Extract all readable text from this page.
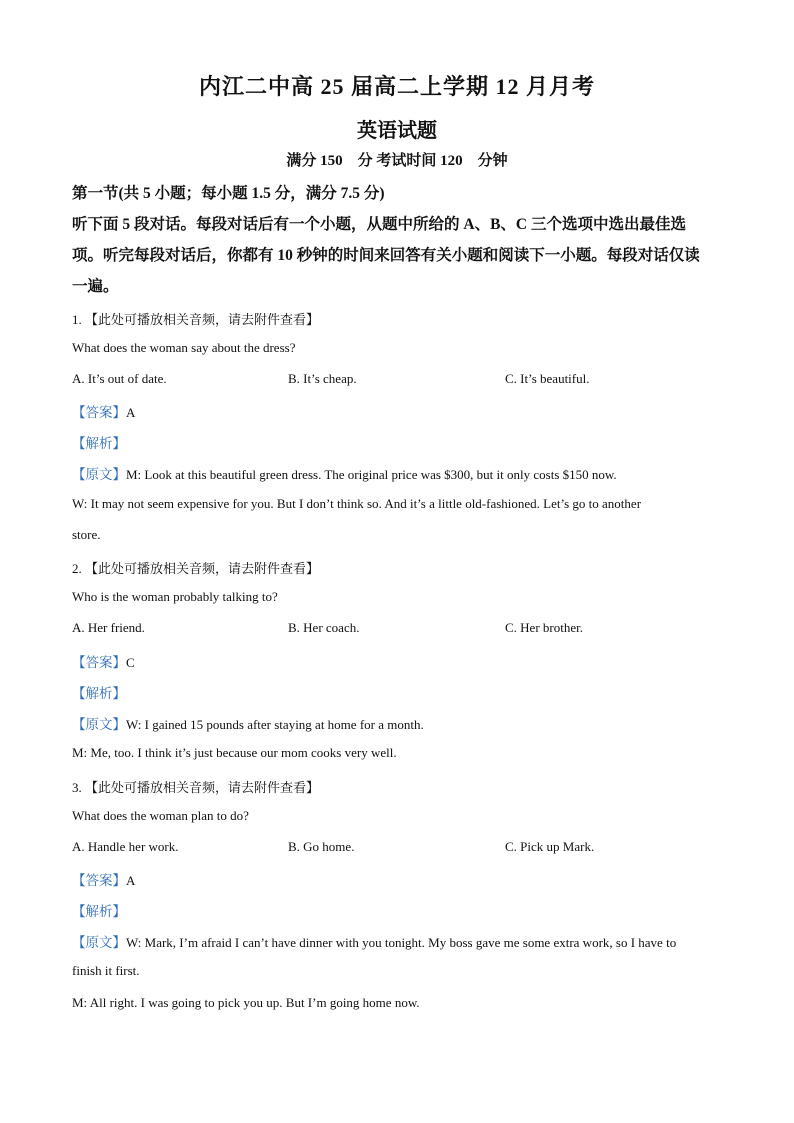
内江二中高 25 届高二上学期 12 月月考
英语试题
满分 150　分 考试时间 120　分钟
第一节(共 5 小题；每小题 1.5 分，满分 7.5 分)
听下面 5 段对话。每段对话后有一个小题，从题中所给的 A、B、C 三个选项中选出最佳选
项。听完每段对话后，你都有 10 秒钟的时间来回答有关小题和阅读下一小题。每段对话仅读
一遍。
1. 【此处可播放相关音频，请去附件查看】
What does the woman say about the dress?
A. It’s out of date.	B. It’s cheap.	C. It’s beautiful.
【答案】A
【解析】
【原文】M: Look at this beautiful green dress. The original price was $300, but it only costs $150 now.
W: It may not seem expensive for you. But I don’t think so. And it’s a little old-fashioned. Let’s go to another
store.
2. 【此处可播放相关音频，请去附件查看】
Who is the woman probably talking to?
A. Her friend.	B. Her coach.	C. Her brother.
【答案】C
【解析】
【原文】W: I gained 15 pounds after staying at home for a month.
M: Me, too. I think it’s just because our mom cooks very well.
3. 【此处可播放相关音频，请去附件查看】
What does the woman plan to do?
A. Handle her work.	B. Go home.	C. Pick up Mark.
【答案】A
【解析】
【原文】W: Mark, I’m afraid I can’t have dinner with you tonight. My boss gave me some extra work, so I have to
finish it first.
M: All right. I was going to pick you up. But I’m going home now.
